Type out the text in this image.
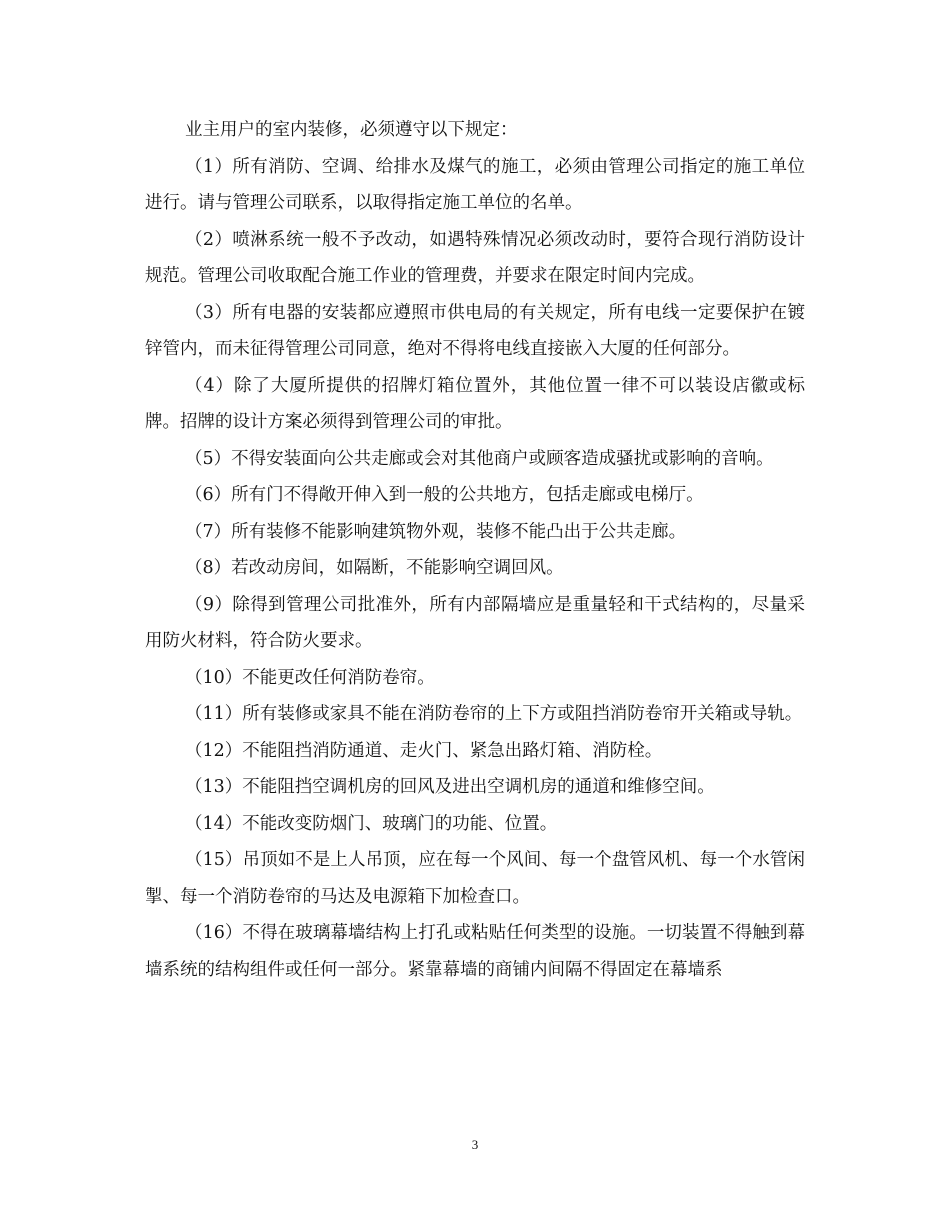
业主用户的室内装修，必须遵守以下规定：

（1）所有消防、空调、给排水及煤气的施工，必须由管理公司指定的施工单位进行。请与管理公司联系，以取得指定施工单位的名单。

（2）喷淋系统一般不予改动，如遇特殊情况必须改动时，要符合现行消防设计规范。管理公司收取配合施工作业的管理费，并要求在限定时间内完成。

（3）所有电器的安装都应遵照市供电局的有关规定，所有电线一定要保护在镀锌管内，而未征得管理公司同意，绝对不得将电线直接嵌入大厦的任何部分。

（4）除了大厦所提供的招牌灯箱位置外，其他位置一律不可以装设店徽或标牌。招牌的设计方案必须得到管理公司的审批。

（5）不得安装面向公共走廊或会对其他商户或顾客造成骚扰或影响的音响。

（6）所有门不得敞开伸入到一般的公共地方，包括走廊或电梯厅。

（7）所有装修不能影响建筑物外观，装修不能凸出于公共走廊。

（8）若改动房间，如隔断，不能影响空调回风。

（9）除得到管理公司批准外，所有内部隔墙应是重量轻和干式结构的，尽量采用防火材料，符合防火要求。

（10）不能更改任何消防卷帘。

（11）所有装修或家具不能在消防卷帘的上下方或阻挡消防卷帘开关箱或导轨。

（12）不能阻挡消防通道、走火门、紧急出路灯箱、消防栓。

（13）不能阻挡空调机房的回风及进出空调机房的通道和维修空间。

（14）不能改变防烟门、玻璃门的功能、位置。

（15）吊顶如不是上人吊顶，应在每一个风间、每一个盘管风机、每一个水管闲掣、每一个消防卷帘的马达及电源箱下加检查口。

（16）不得在玻璃幕墙结构上打孔或粘贴任何类型的设施。一切装置不得触到幕墙系统的结构组件或任何一部分。紧靠幕墙的商铺内间隔不得固定在幕墙系

3
